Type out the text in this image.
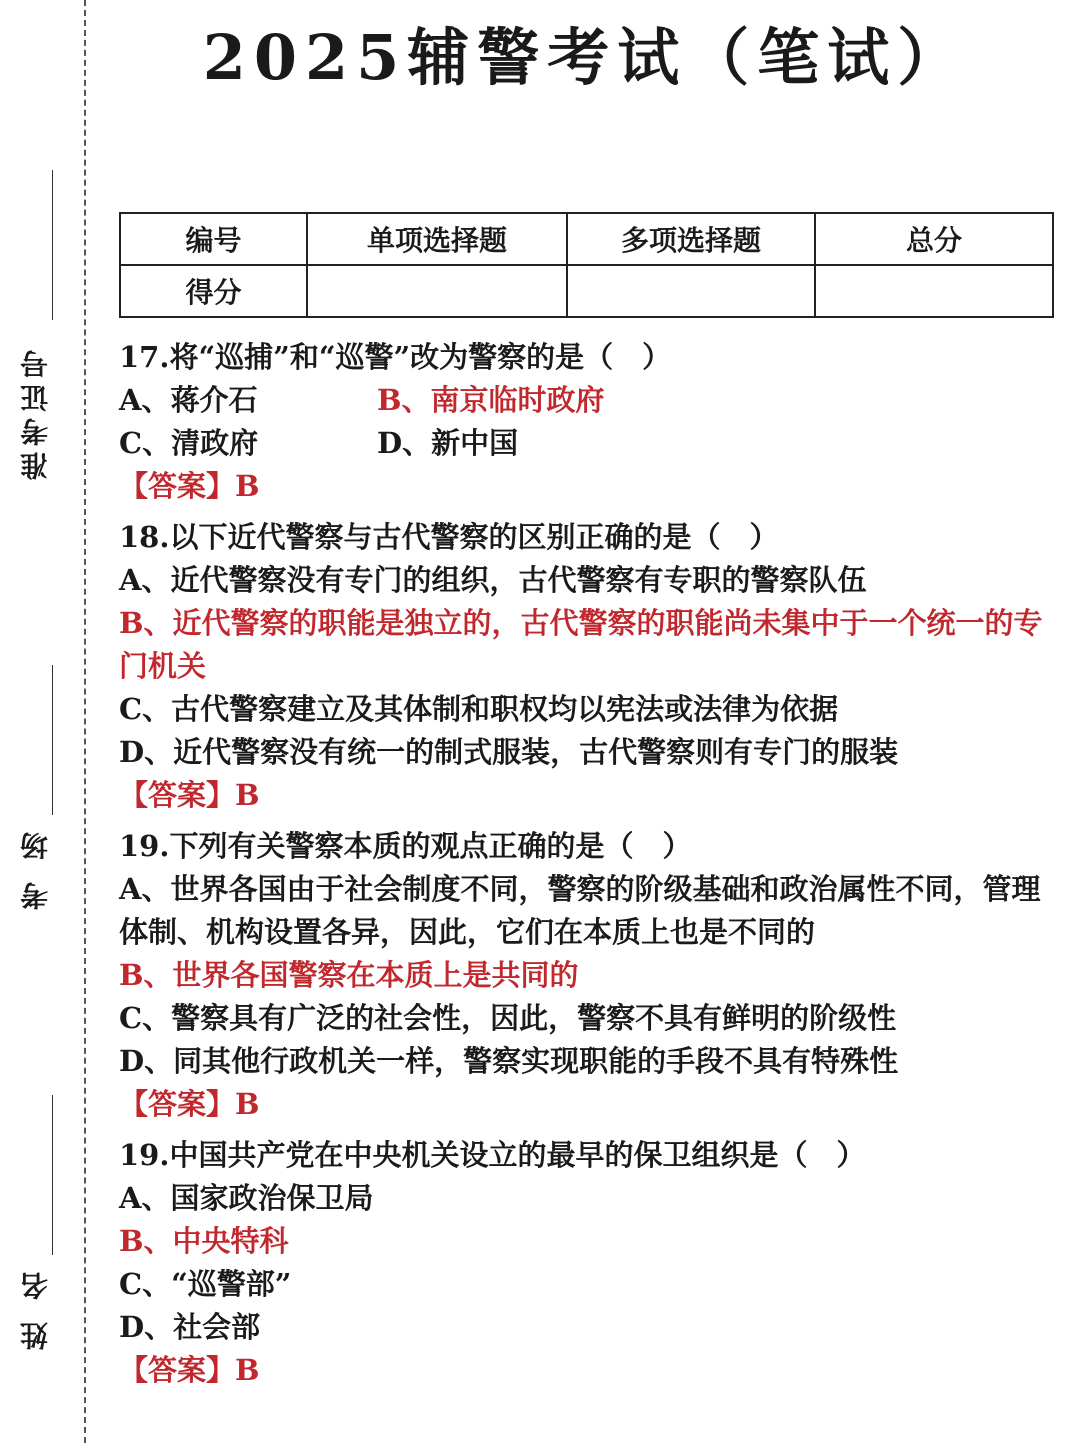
准考证号
考 场
姓 名
2025辅警考试（笔试）
编号	单项选择题	多项选择题	总分
得分			
17.将“巡捕”和“巡警”改为警察的是（　）
A、蒋介石	B、南京临时政府
C、清政府	D、新中国
【答案】B
18.以下近代警察与古代警察的区别正确的是（　）
A、近代警察没有专门的组织，古代警察有专职的警察队伍
B、近代警察的职能是独立的，古代警察的职能尚未集中于一个统一的专门机关
C、古代警察建立及其体制和职权均以宪法或法律为依据
D、近代警察没有统一的制式服装，古代警察则有专门的服装
【答案】B
19.下列有关警察本质的观点正确的是（　）
A、世界各国由于社会制度不同，警察的阶级基础和政治属性不同，管理体制、机构设置各异，因此，它们在本质上也是不同的
B、世界各国警察在本质上是共同的
C、警察具有广泛的社会性，因此，警察不具有鲜明的阶级性
D、同其他行政机关一样，警察实现职能的手段不具有特殊性
【答案】B
19.中国共产党在中央机关设立的最早的保卫组织是（　）
A、国家政治保卫局
B、中央特科
C、“巡警部”
D、社会部
【答案】B
